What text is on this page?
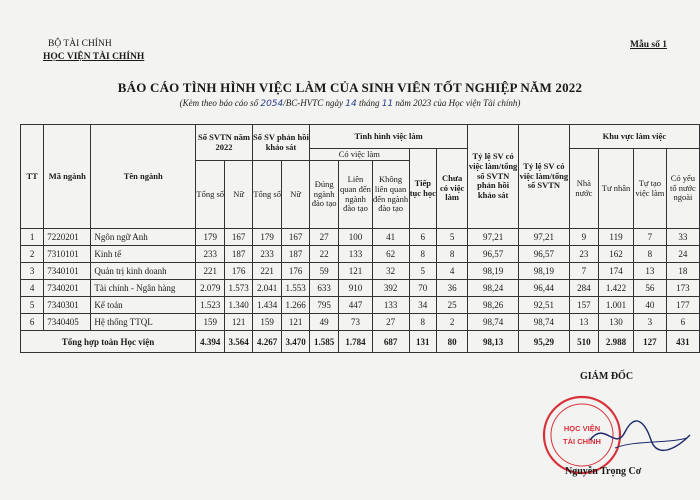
BỘ TÀI CHÍNH
HỌC VIỆN TÀI CHÍNH
Mẫu số 1
BÁO CÁO TÌNH HÌNH VIỆC LÀM CỦA SINH VIÊN TỐT NGHIỆP NĂM 2022
(Kèm theo báo cáo số 2054/BC-HVTC ngày 14 tháng 11 năm 2023 của Học viện Tài chính)
TT	Mã ngành	Tên ngành	Số SVTN năm 2022		Số SV phản hồi khảo sát		Tình hình việc làm					Tỷ lệ SV có việc làm/tổng số SVTN phản hồi khảo sát	Tỷ lệ SV có việc làm/tổng số SVTN	Khu vực làm việc			
							Có việc làm			Tiếp tục học	Chưa có việc làm			Nhà nước	Tư nhân	Tự tạo việc làm	Có yếu tố nước ngoài
			Tổng số	Nữ	Tổng số	Nữ	Đúng ngành đào tạo	Liên quan đến ngành đào tạo	Không liên quan đến ngành đào tạo								
1	7220201	Ngôn ngữ Anh	179	167	179	167	27	100	41	6	5	97,21	97,21	9	119	7	33
2	7310101	Kinh tế	233	187	233	187	22	133	62	8	8	96,57	96,57	23	162	8	24
3	7340101	Quản trị kinh doanh	221	176	221	176	59	121	32	5	4	98,19	98,19	7	174	13	18
4	7340201	Tài chính - Ngân hàng	2.079	1.573	2.041	1.553	633	910	392	70	36	98,24	96,44	284	1.422	56	173
5	7340301	Kế toán	1.523	1.340	1.434	1.266	795	447	133	34	25	98,26	92,51	157	1.001	40	177
6	7340405	Hệ thống TTQL	159	121	159	121	49	73	27	8	2	98,74	98,74	13	130	3	6
Tổng hợp toàn Học viện			4.394	3.564	4.267	3.470	1.585	1.784	687	131	80	98,13	95,29	510	2.988	127	431
GIÁM ĐỐC
HỌC VIỆN
TÀI CHÍNH
Nguyễn Trọng Cơ
